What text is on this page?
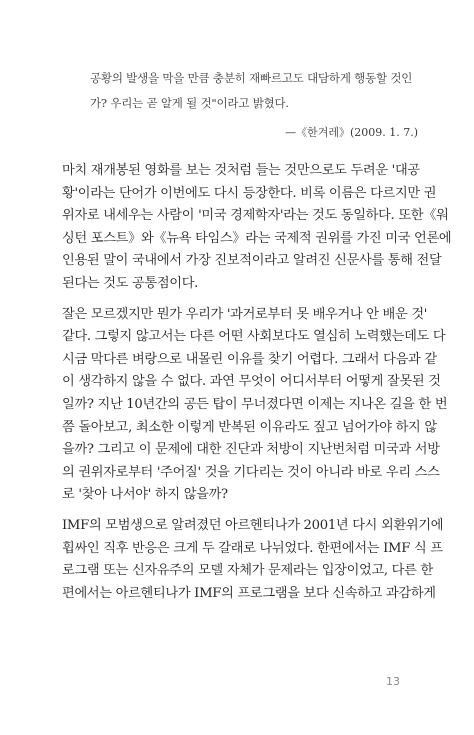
공황의 발생을 막을 만큼 충분히 재빠르고도 대담하게 행동할 것인
가? 우리는 곧 알게 될 것"이라고 밝혔다.
—《한겨레》(2009. 1. 7.)

마치 재개봉된 영화를 보는 것처럼 들는 것만으로도 두려운 '대공
황'이라는 단어가 이번에도 다시 등장한다. 비록 이름은 다르지만 권
위자로 내세우는 사람이 '미국 경제학자'라는 것도 동일하다. 또한《워
싱턴 포스트》와《뉴욕 타임스》라는 국제적 권위를 가진 미국 언론에
인용된 말이 국내에서 가장 진보적이라고 알려진 신문사를 통해 전달
된다는 것도 공통점이다.

잘은 모르겠지만 뭔가 우리가 '과거로부터 못 배우거나 안 배운 것'
같다. 그렇지 않고서는 다른 어떤 사회보다도 열심히 노력했는데도 다
시금 막다른 벼랑으로 내몰린 이유를 찾기 어렵다. 그래서 다음과 같
이 생각하지 않을 수 없다. 과연 무엇이 어디서부터 어떻게 잘못된 것
일까? 지난 10년간의 공든 탑이 무너졌다면 이제는 지나온 길을 한 번
쯤 돌아보고, 최소한 이렇게 반복된 이유라도 짚고 넘어가야 하지 않
을까? 그리고 이 문제에 대한 진단과 처방이 지난번처럼 미국과 서방
의 권위자로부터 '주어질' 것을 기다리는 것이 아니라 바로 우리 스스
로 '찾아 나서야' 하지 않을까?

IMF의 모범생으로 알려졌던 아르헨티나가 2001년 다시 외환위기에
휩싸인 직후 반응은 크게 두 갈래로 나뉘었다. 한편에서는 IMF 식 프
로그램 또는 신자유주의 모델 자체가 문제라는 입장이었고, 다른 한
편에서는 아르헨티나가 IMF의 프로그램을 보다 신속하고 과감하게

13
